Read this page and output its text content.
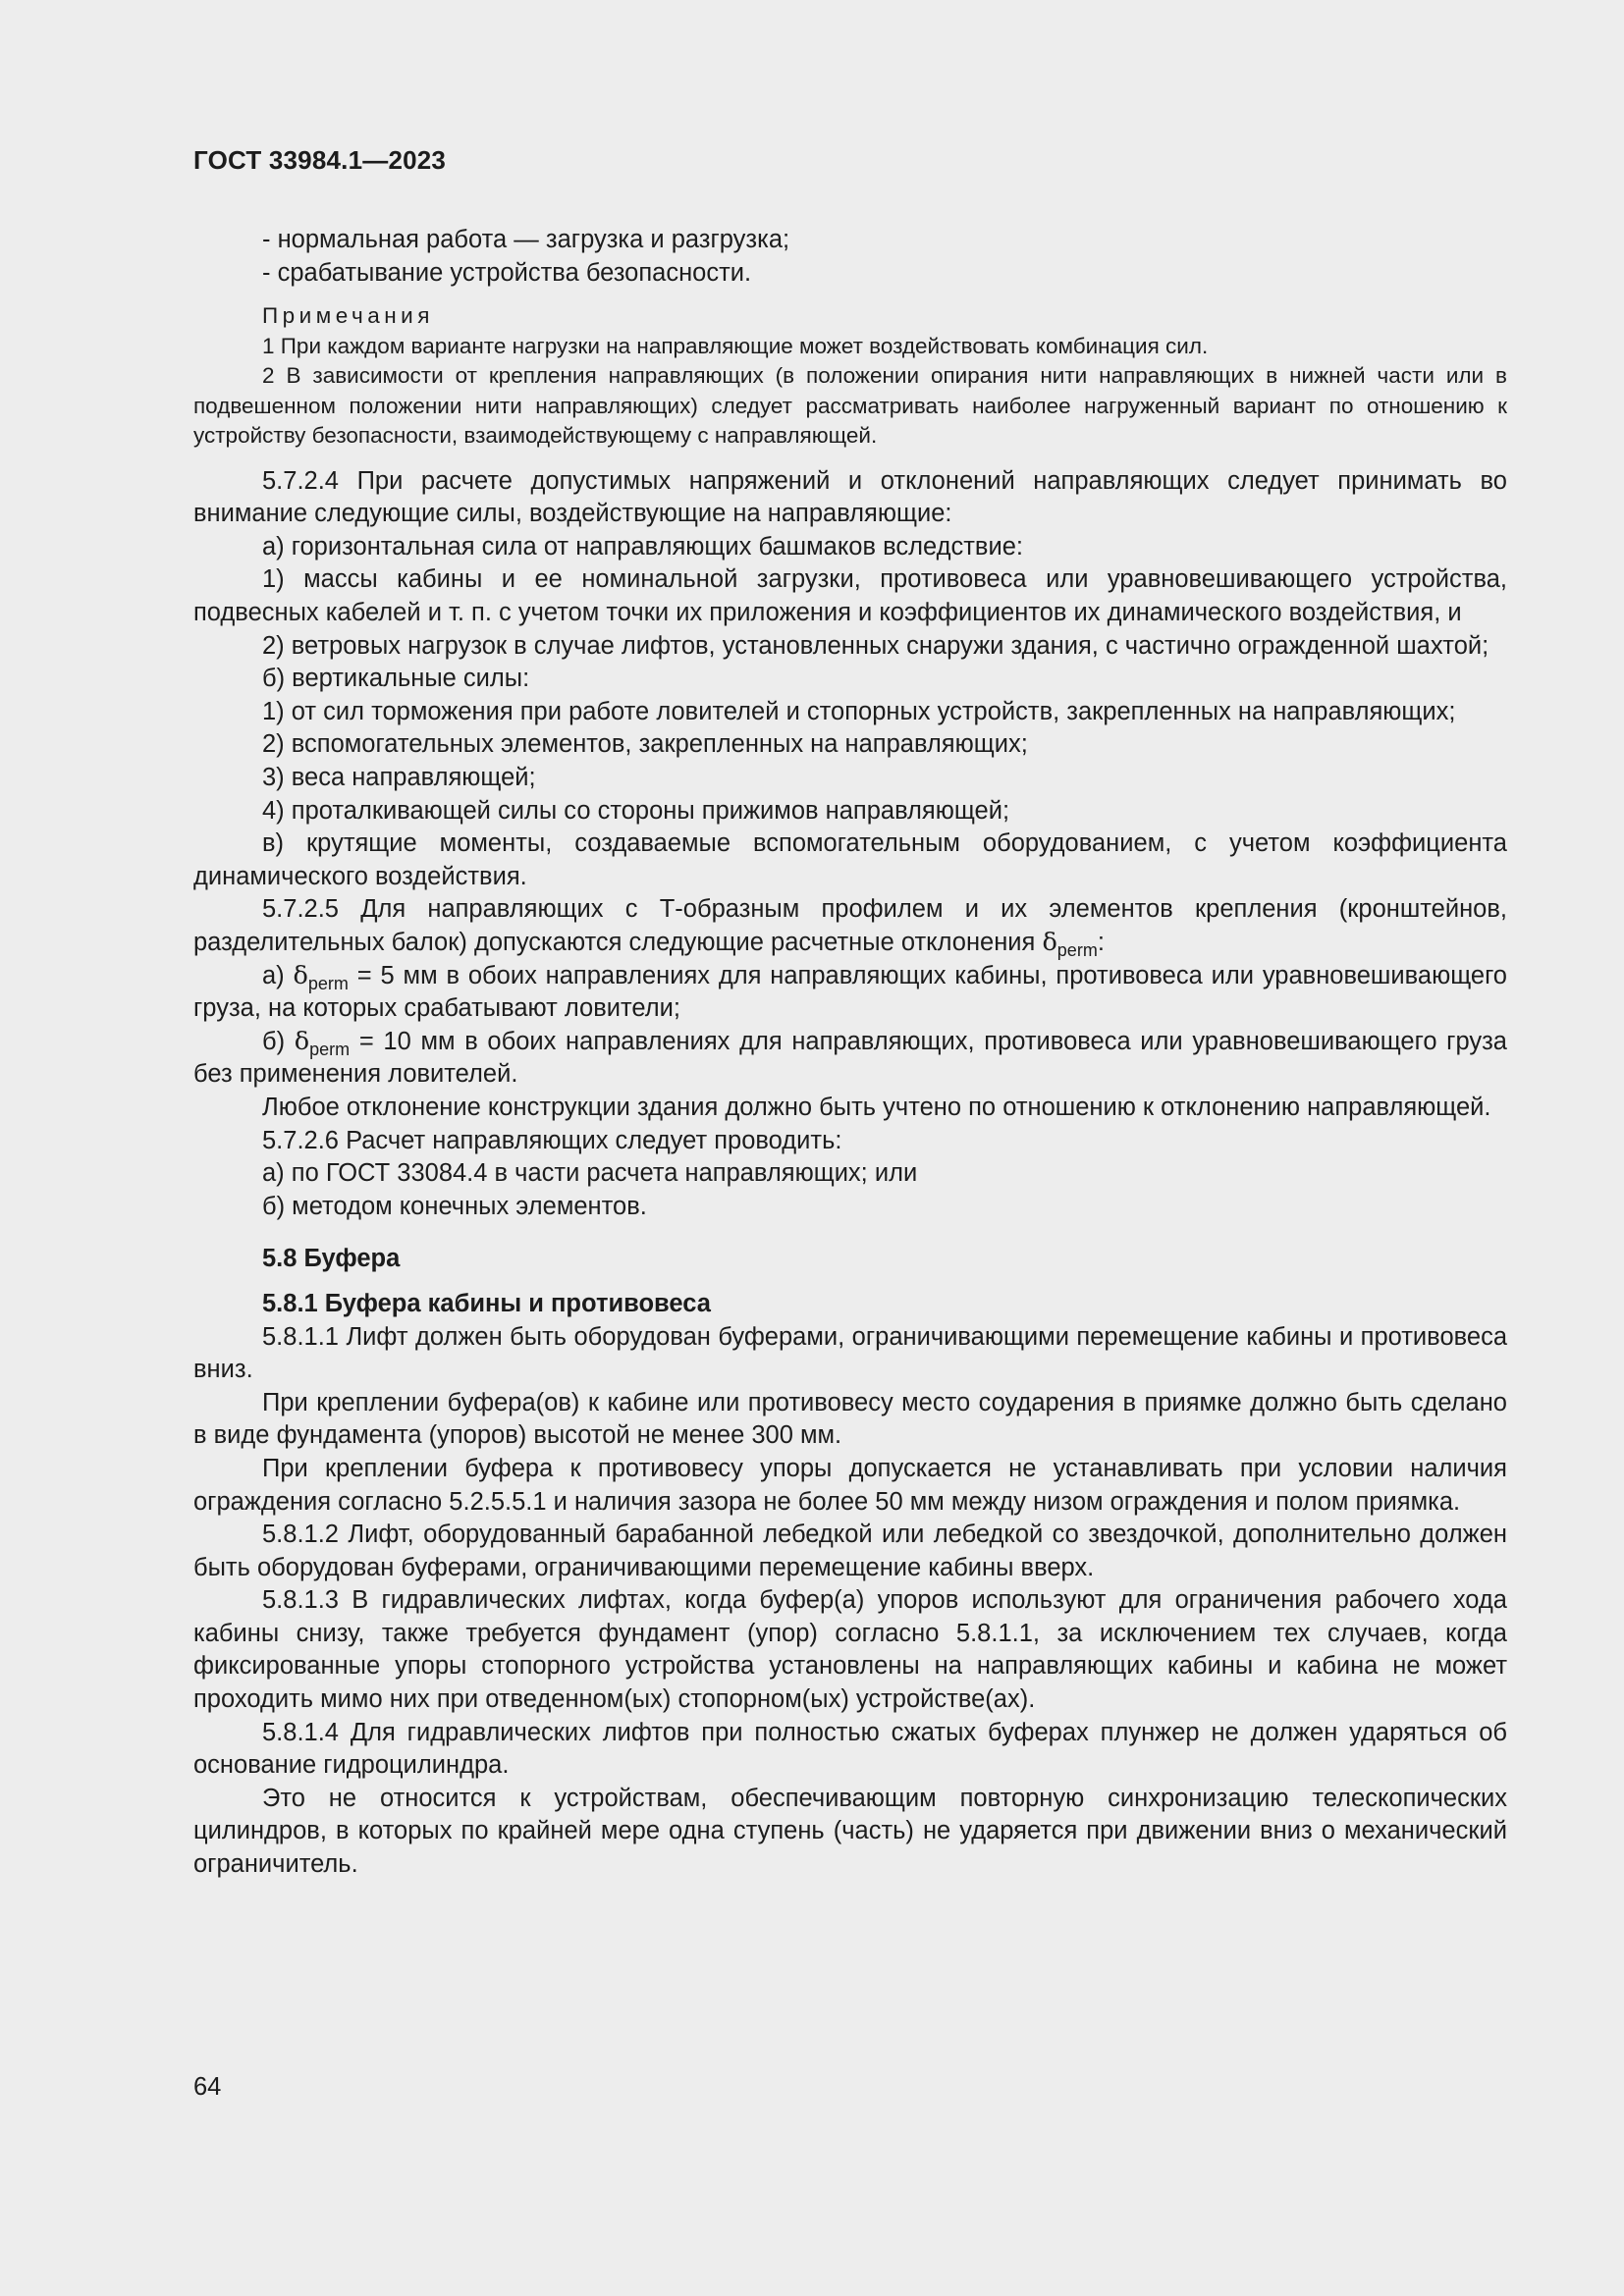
ГОСТ 33984.1—2023

- нормальная работа — загрузка и разгрузка;

- срабатывание устройства безопасности.

Примечания

1 При каждом варианте нагрузки на направляющие может воздействовать комбинация сил.

2 В зависимости от крепления направляющих (в положении опирания нити направляющих в нижней части или в подвешенном положении нити направляющих) следует рассматривать наиболее нагруженный вариант по отношению к устройству безопасности, взаимодействующему с направляющей.

5.7.2.4 При расчете допустимых напряжений и отклонений направляющих следует принимать во внимание следующие силы, воздействующие на направляющие:

а) горизонтальная сила от направляющих башмаков вследствие:

1) массы кабины и ее номинальной загрузки, противовеса или уравновешивающего устройства, подвесных кабелей и т. п. с учетом точки их приложения и коэффициентов их динамического воздействия, и

2) ветровых нагрузок в случае лифтов, установленных снаружи здания, с частично огражденной шахтой;

б) вертикальные силы:

1) от сил торможения при работе ловителей и стопорных устройств, закрепленных на направляющих;

2) вспомогательных элементов, закрепленных на направляющих;

3) веса направляющей;

4) проталкивающей силы со стороны прижимов направляющей;

в) крутящие моменты, создаваемые вспомогательным оборудованием, с учетом коэффициента динамического воздействия.

5.7.2.5 Для направляющих с Т-образным профилем и их элементов крепления (кронштейнов, разделительных балок) допускаются следующие расчетные отклонения $\delta_{perm}$:

а) $\delta_{perm} = 5$ мм в обоих направлениях для направляющих кабины, противовеса или уравновешивающего груза, на которых срабатывают ловители;

б) $\delta_{perm} = 10$ мм в обоих направлениях для направляющих, противовеса или уравновешивающего груза без применения ловителей.

Любое отклонение конструкции здания должно быть учтено по отношению к отклонению направляющей.

5.7.2.6 Расчет направляющих следует проводить:

а) по ГОСТ 33084.4 в части расчета направляющих; или

б) методом конечных элементов.

5.8 Буфера

5.8.1 Буфера кабины и противовеса

5.8.1.1 Лифт должен быть оборудован буферами, ограничивающими перемещение кабины и противовеса вниз.

При креплении буфера(ов) к кабине или противовесу место соударения в приямке должно быть сделано в виде фундамента (упоров) высотой не менее 300 мм.

При креплении буфера к противовесу упоры допускается не устанавливать при условии наличия ограждения согласно 5.2.5.5.1 и наличия зазора не более 50 мм между низом ограждения и полом приямка.

5.8.1.2 Лифт, оборудованный барабанной лебедкой или лебедкой со звездочкой, дополнительно должен быть оборудован буферами, ограничивающими перемещение кабины вверх.

5.8.1.3 В гидравлических лифтах, когда буфер(а) упоров используют для ограничения рабочего хода кабины снизу, также требуется фундамент (упор) согласно 5.8.1.1, за исключением тех случаев, когда фиксированные упоры стопорного устройства установлены на направляющих кабины и кабина не может проходить мимо них при отведенном(ых) стопорном(ых) устройстве(ах).

5.8.1.4 Для гидравлических лифтов при полностью сжатых буферах плунжер не должен ударяться об основание гидроцилиндра.

Это не относится к устройствам, обеспечивающим повторную синхронизацию телескопических цилиндров, в которых по крайней мере одна ступень (часть) не ударяется при движении вниз о механический ограничитель.

64
